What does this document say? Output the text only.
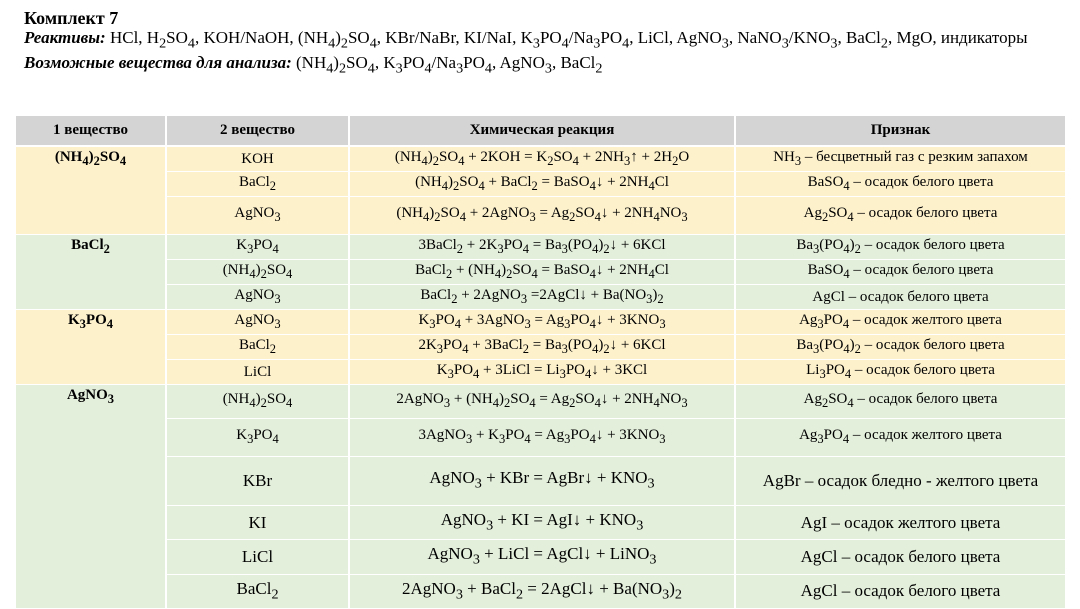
Комплект 7
Реактивы: HCl, $H_2SO_4$, KOH/NaOH, $(NH_4)_2SO_4$, KBr/NaBr, KI/NaI, $K_3PO_4/Na_3PO_4$, LiCl, AgNO$_3$, $NaNO_3/KNO_3$, BaCl$_2$, MgO, индикаторы
Возможные вещества для анализа: $(NH_4)_2SO_4$, $K_3PO_4/Na_3PO_4$, AgNO$_3$, BaCl$_2$
1 вещество	2 вещество	Химическая реакция	Признак
$(NH_4)_2SO_4$	KOH	$(NH_4)_2SO_4 + 2KOH = K_2SO_4$ + $2NH_3↑ + 2H_2O$	$NH_3$ – бесцветный газ с резким запахом
	BaCl$_2$	$(NH_4)_2SO_4$ + BaCl$_2$ = BaSO$_4$↓ + $2NH_4Cl$	BaSO$_4$ – осадок белого цвета
	AgNO$_3$	$(NH_4)_2SO_4$ + 2AgNO$_3$ = $Ag_2SO_4↓ + 2NH_4NO_3$	$Ag_2SO_4$ – осадок белого цвета
BaCl$_2$	$K_3PO_4$	3BaCl$_2$ + $2K_3PO_4$ = $Ba_3(PO_4)_2↓ + 6KCl$	$Ba_3(PO_4)_2$ – осадок белого цвета
	$(NH_4)_2SO_4$	BaCl$_2$ + $(NH_4)_2SO_4$ = BaSO$_4$↓ + $2NH_4Cl$	BaSO$_4$ – осадок белого цвета
	AgNO$_3$	BaCl$_2$ + 2AgNO$_3$ =2AgCl↓ + $Ba(NO_3)_2$	AgCl – осадок белого цвета
$K_3PO_4$	AgNO$_3$	$K_3PO_4$ + 3AgNO$_3$ = $Ag_3PO_4↓ + 3KNO_3$	$Ag_3PO_4$ – осадок желтого цвета
	BaCl$_2$	$2K_3PO_4$ + 3BaCl$_2$ = $Ba_3(PO_4)_2↓ + 6KCl$	$Ba_3(PO_4)_2$ – осадок белого цвета
	LiCl	$K_3PO_4$ + 3LiCl = $Li_3PO_4↓ + 3KCl$	$Li_3PO_4$ – осадок белого цвета
AgNO$_3$	$(NH_4)_2SO_4$	2AgNO$_3$ + $(NH_4)_2SO_4$ = $Ag_2SO_4↓ + 2NH_4NO_3$	$Ag_2SO_4$ – осадок белого цвета
	$K_3PO_4$	3AgNO$_3$ + $K_3PO_4$ = $Ag_3PO_4↓ + 3KNO_3$	$Ag_3PO_4$ – осадок желтого цвета
	KBr	AgNO$_3$ + KBr = AgBr↓ + $KNO_3$	AgBr – осадок бледно - желтого цвета
	KI	AgNO$_3$ + KI = AgI↓ + $KNO_3$	AgI – осадок желтого цвета
	LiCl	AgNO$_3$ + LiCl = AgCl↓ + LiNO$_3$	AgCl – осадок белого цвета
	BaCl$_2$	2AgNO$_3$ + BaCl$_2$ = 2AgCl↓ + $Ba(NO_3)_2$	AgCl – осадок белого цвета
